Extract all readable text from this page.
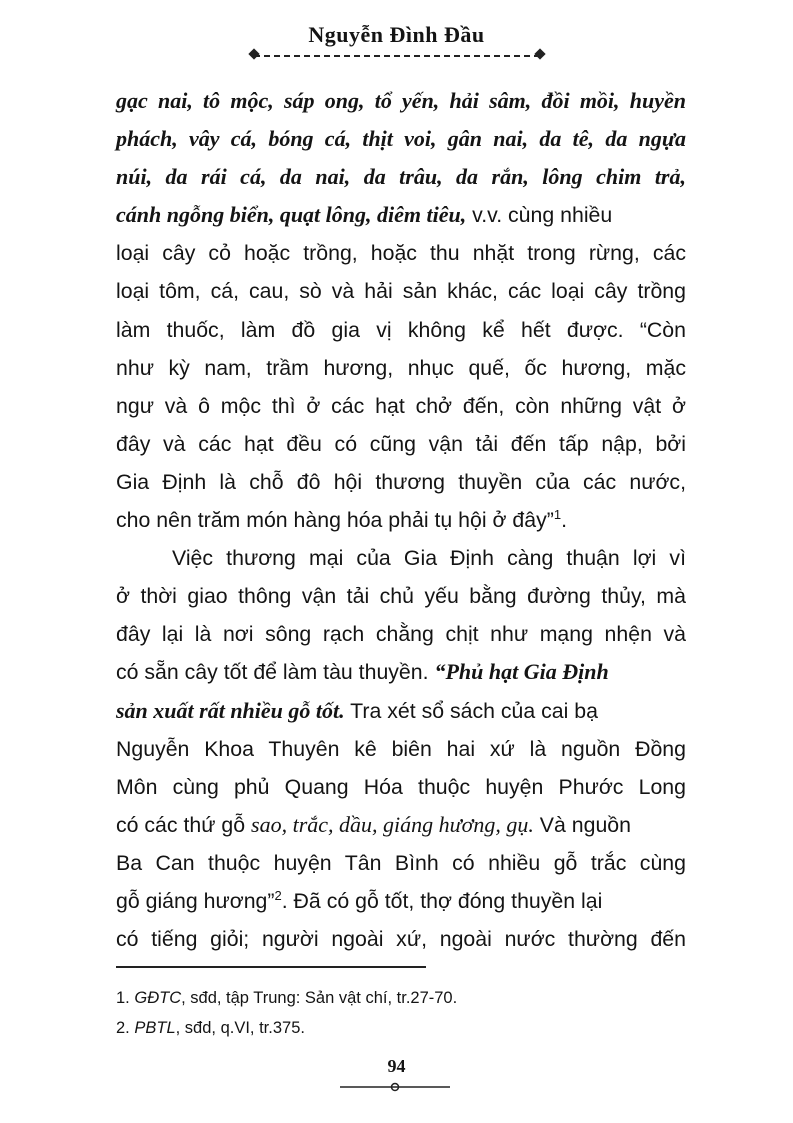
Nguyễn Đình Đầu
gạc nai, tô mộc, sáp ong, tổ yến, hải sâm, đồi mồi, huyền
phách, vây cá, bóng cá, thịt voi, gân nai, da tê, da ngựa
núi, da rái cá, da nai, da trâu, da rắn, lông chim trả,
cánh ngỗng biển, quạt lông, diêm tiêu, v.v. cùng nhiều
loại cây cỏ hoặc trồng, hoặc thu nhặt trong rừng, các
loại tôm, cá, cau, sò và hải sản khác, các loại cây trồng
làm thuốc, làm đồ gia vị không kể hết được. “Còn
như kỳ nam, trầm hương, nhục quế, ốc hương, mặc
ngư và ô mộc thì ở các hạt chở đến, còn những vật ở
đây và các hạt đều có cũng vận tải đến tấp nập, bởi
Gia Định là chỗ đô hội thương thuyền của các nước,
cho nên trăm món hàng hóa phải tụ hội ở đây”$^1$.
Việc thương mại của Gia Định càng thuận lợi vì
ở thời giao thông vận tải chủ yếu bằng đường thủy, mà
đây lại là nơi sông rạch chằng chịt như mạng nhện và
có sẵn cây tốt để làm tàu thuyền. “Phủ hạt Gia Định
sản xuất rất nhiều gỗ tốt. Tra xét sổ sách của cai bạ
Nguyễn Khoa Thuyên kê biên hai xứ là nguồn Đồng
Môn cùng phủ Quang Hóa thuộc huyện Phước Long
có các thứ gỗ sao, trắc, dầu, giáng hương, gụ. Và nguồn
Ba Can thuộc huyện Tân Bình có nhiều gỗ trắc cùng
gỗ giáng hương”$^2$. Đã có gỗ tốt, thợ đóng thuyền lại
có tiếng giỏi; người ngoài xứ, ngoài nước thường đến
1. GĐTC, sđd, tập Trung: Sản vật chí, tr.27-70.
2. PBTL, sđd, q.VI, tr.375.
94
